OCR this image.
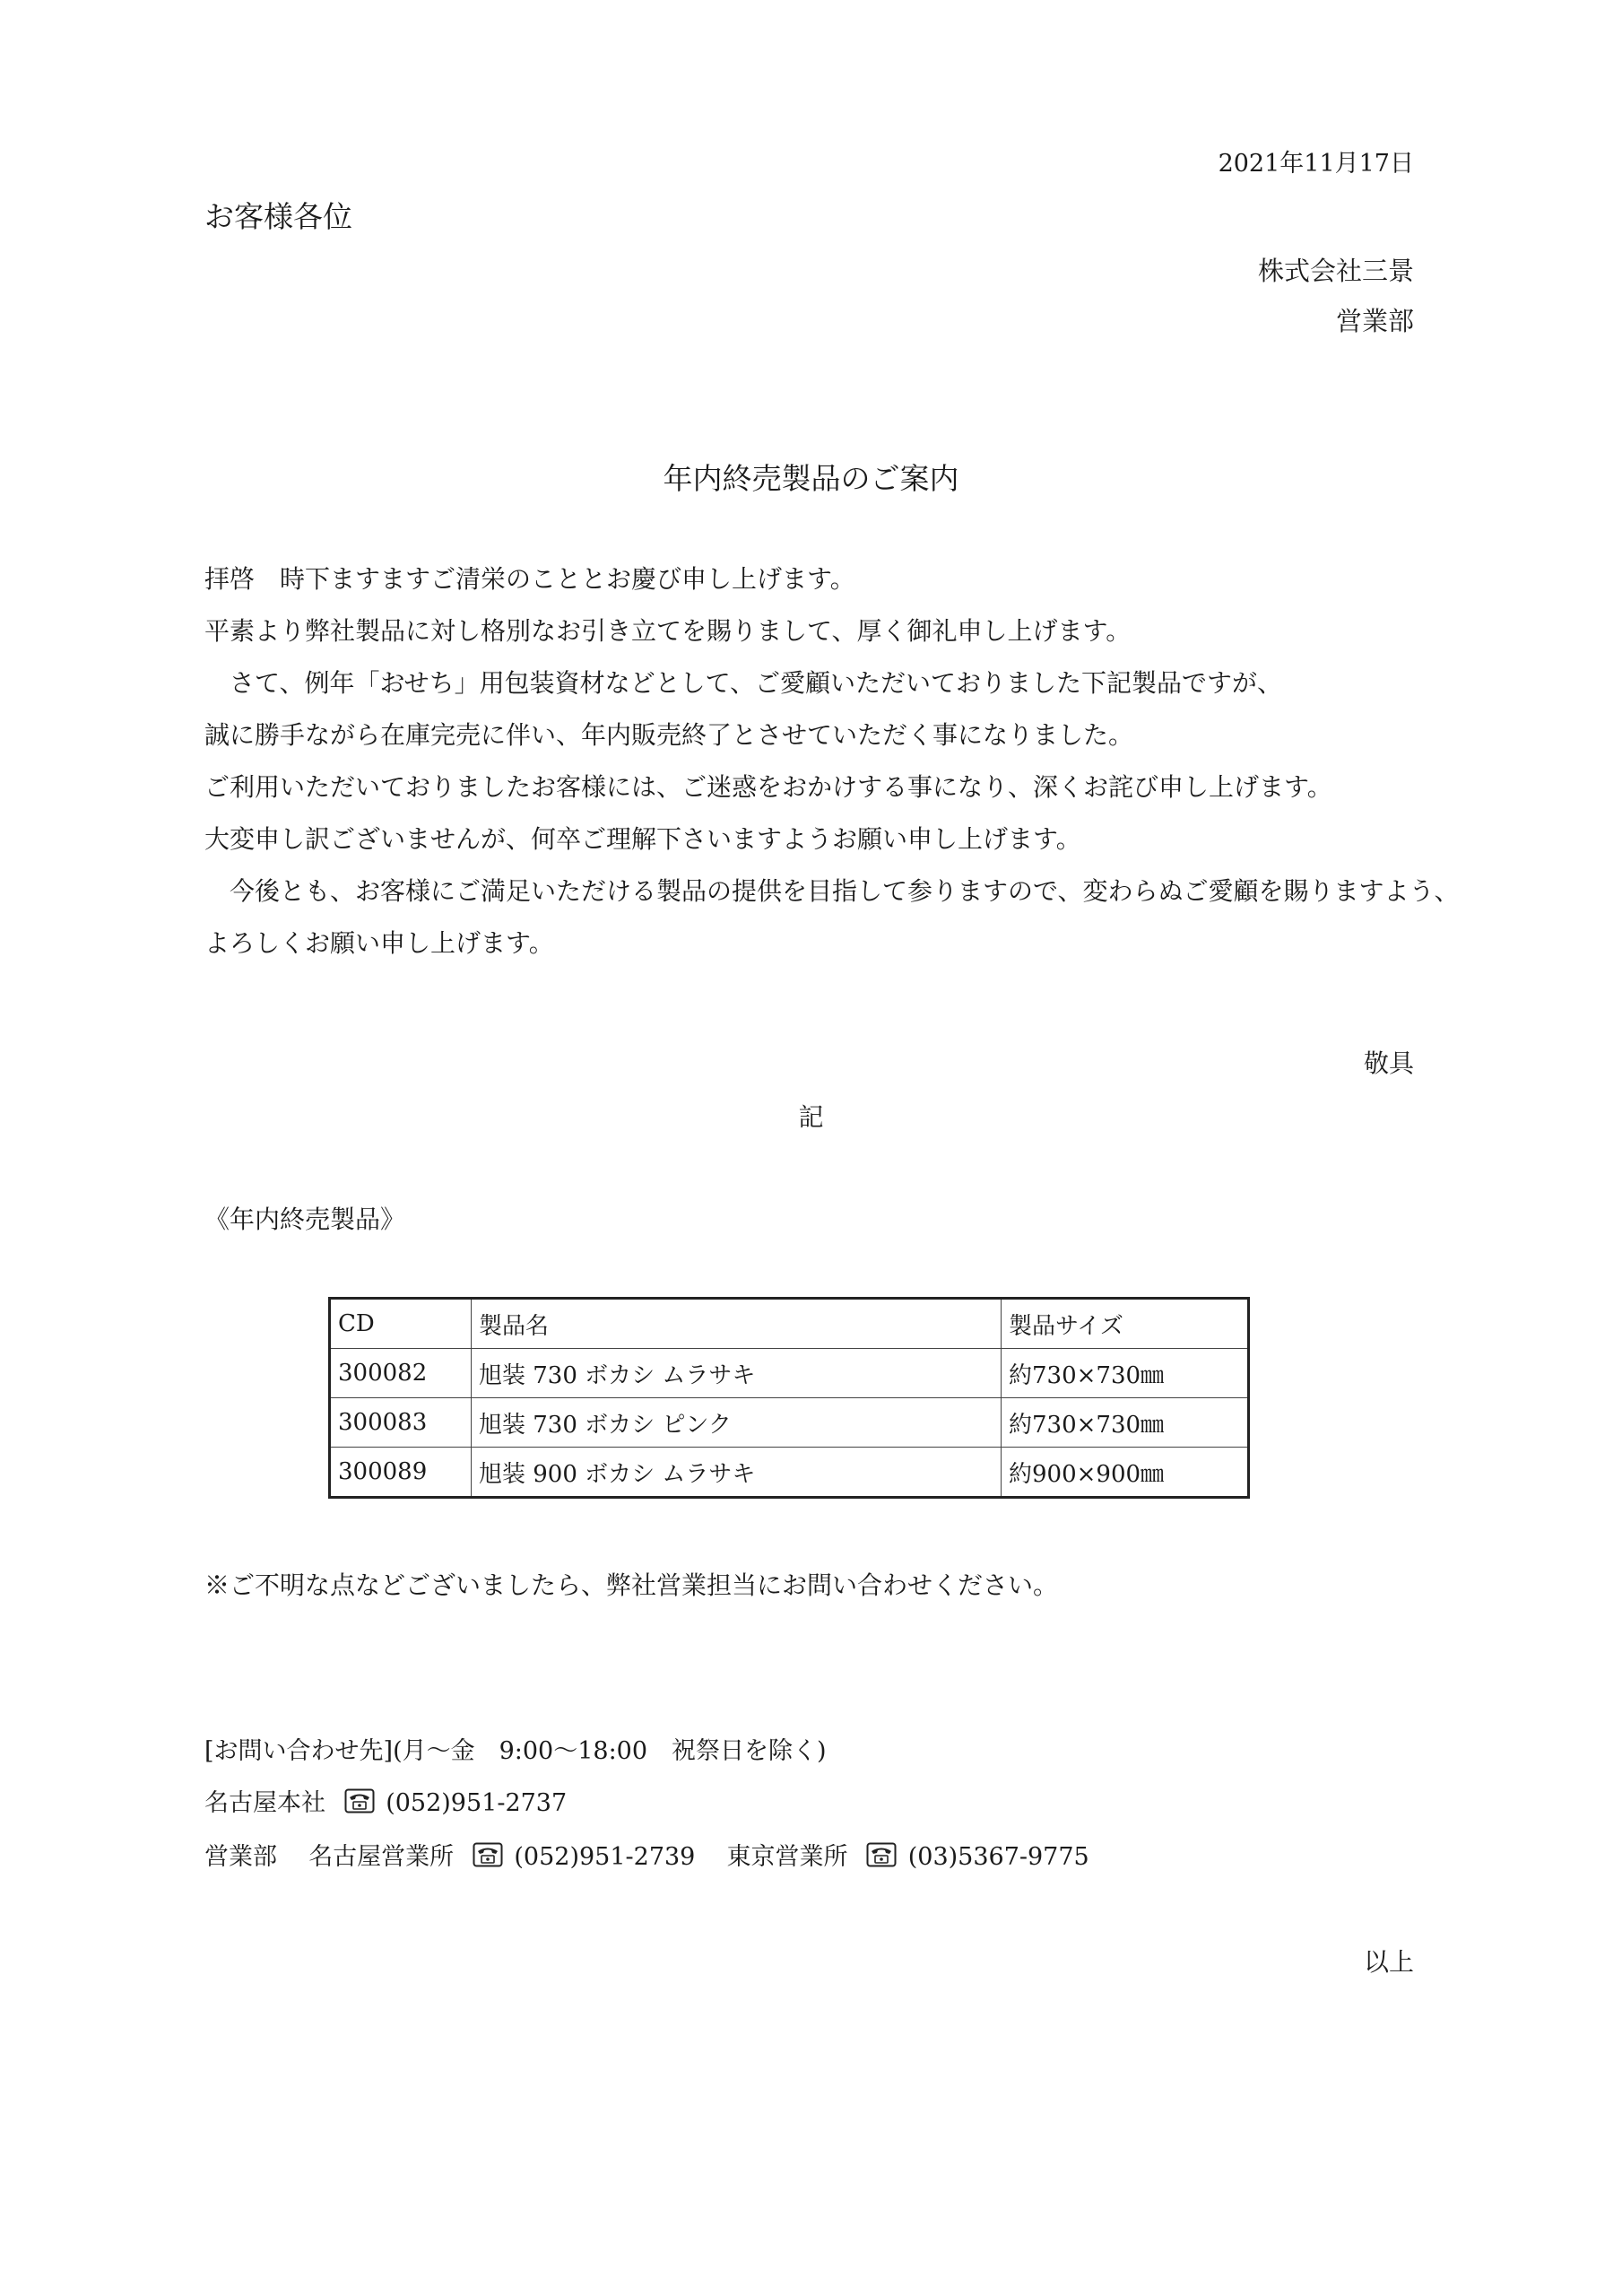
2021年11月17日
お客様各位
株式会社三景
営業部
年内終売製品のご案内
拝啓　時下ますますご清栄のこととお慶び申し上げます。
平素より弊社製品に対し格別なお引き立てを賜りまして、厚く御礼申し上げます。
　さて、例年「おせち」用包装資材などとして、ご愛顧いただいておりました下記製品ですが、
誠に勝手ながら在庫完売に伴い、年内販売終了とさせていただく事になりました。
ご利用いただいておりましたお客様には、ご迷惑をおかけする事になり、深くお詫び申し上げます。
大変申し訳ございませんが、何卒ご理解下さいますようお願い申し上げます。
　今後とも、お客様にご満足いただける製品の提供を目指して参りますので、変わらぬご愛顧を賜りますよう、
よろしくお願い申し上げます。
敬具
記
《年内終売製品》
CD	製品名	製品サイズ
300082	旭装 730 ボカシ ムラサキ	約730×730㎜
300083	旭装 730 ボカシ ピンク	約730×730㎜
300089	旭装 900 ボカシ ムラサキ	約900×900㎜
※ご不明な点などございましたら、弊社営業担当にお問い合わせください。
[お問い合わせ先](月～金　9:00～18:00　祝祭日を除く)
名古屋本社 (052)951-2737
営業部 名古屋営業所 (052)951-2739 東京営業所 (03)5367-9775
以上
